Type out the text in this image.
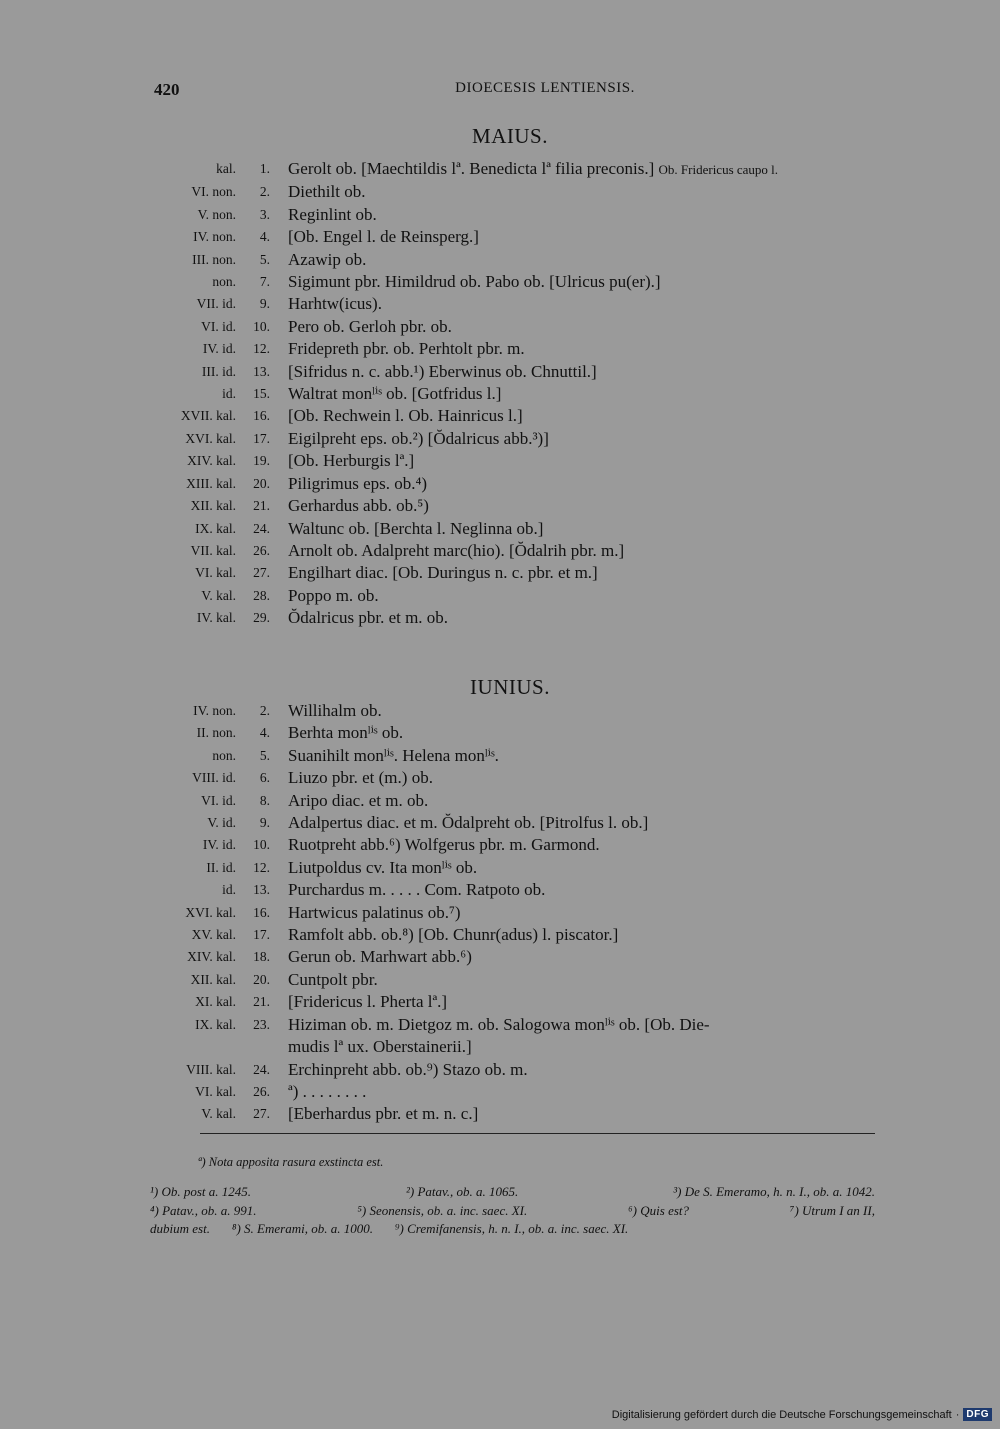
420	DIOECESIS LENTIENSIS.
MAIUS.
kal.	1. Gerolt ob. [Maechtildis lª. Benedicta lª filia preconis.] Ob. Fridericus caupo l.
VI. non.	2. Diethilt ob.
V. non.	3. Reginlint ob.
IV. non.	4. [Ob. Engel l. de Reinsperg.]
III. non.	5. Azawip ob.
non.	7. Sigimunt pbr. Himildrud ob. Pabo ob. [Ulricus pu(er).]
VII. id.	9. Harhtw(icus).
VI. id.	10. Pero ob. Gerloh pbr. ob.
IV. id.	12. Fridepreth pbr. ob. Perhtolt pbr. m.
III. id.	13. [Sifridus n. c. abb.¹) Eberwinus ob. Chnuttil.]
id.	15. Waltrat monˡⁱˢ ob. [Gotfridus l.]
XVII. kal.	16. [Ob. Rechwein l. Ob. Hainricus l.]
XVI. kal.	17. Eigilpreht eps. ob.²) [Ŏdalricus abb.³)]
XIV. kal.	19. [Ob. Herburgis lª.]
XIII. kal.	20. Piligrimus eps. ob.⁴)
XII. kal.	21. Gerhardus abb. ob.⁵)
IX. kal.	24. Waltunc ob. [Berchta l. Neglinna ob.]
VII. kal.	26. Arnolt ob. Adalpreht marc(hio). [Ŏdalrih pbr. m.]
VI. kal.	27. Engilhart diac. [Ob. Duringus n. c. pbr. et m.]
V. kal.	28. Poppo m. ob.
IV. kal.	29. Ŏdalricus pbr. et m. ob.
IUNIUS.
IV. non.	2. Willihalm ob.
II. non.	4. Berhta monˡⁱˢ ob.
non.	5. Suanihilt monˡⁱˢ. Helena monˡⁱˢ.
VIII. id.	6. Liuzo pbr. et (m.) ob.
VI. id.	8. Aripo diac. et m. ob.
V. id.	9. Adalpertus diac. et m. Ŏdalpreht ob. [Pitrolfus l. ob.]
IV. id.	10. Ruotpreht abb.⁶) Wolfgerus pbr. m. Garmond.
II. id.	12. Liutpoldus cv. Ita monˡⁱˢ ob.
id.	13. Purchardus m. . . . . Com. Ratpoto ob.
XVI. kal.	16. Hartwicus palatinus ob.⁷)
XV. kal.	17. Ramfolt abb. ob.⁸) [Ob. Chunr(adus) l. piscator.]
XIV. kal.	18. Gerun ob. Marhwart abb.⁶)
XII. kal.	20. Cuntpolt pbr.
XI. kal.	21. [Fridericus l. Pherta lª.]
IX. kal.	23. Hiziman ob. m. Dietgoz m. ob. Salogowa monˡⁱˢ ob. [Ob. Die-
mudis lª ux. Oberstainerii.]
VIII. kal.	24. Erchinpreht abb. ob.⁹) Stazo ob. m.
VI. kal.	26. ª) . . . . . . . .
V. kal.	27. [Eberhardus pbr. et m. n. c.]
ª) Nota apposita rasura exstincta est.
¹) Ob. post a. 1245.	²) Patav., ob. a. 1065.	³) De S. Emeramo, h. n. I., ob. a. 1042.
⁴) Patav., ob. a. 991.	⁵) Seonensis, ob. a. inc. saec. XI.	⁶) Quis est?	⁷) Utrum I an II,
dubium est. ⁸) S. Emerami, ob. a. 1000. ⁹) Cremifanensis, h. n. I., ob. a. inc. saec. XI.
Digitalisierung gefördert durch die Deutsche Forschungsgemeinschaft · DFG
